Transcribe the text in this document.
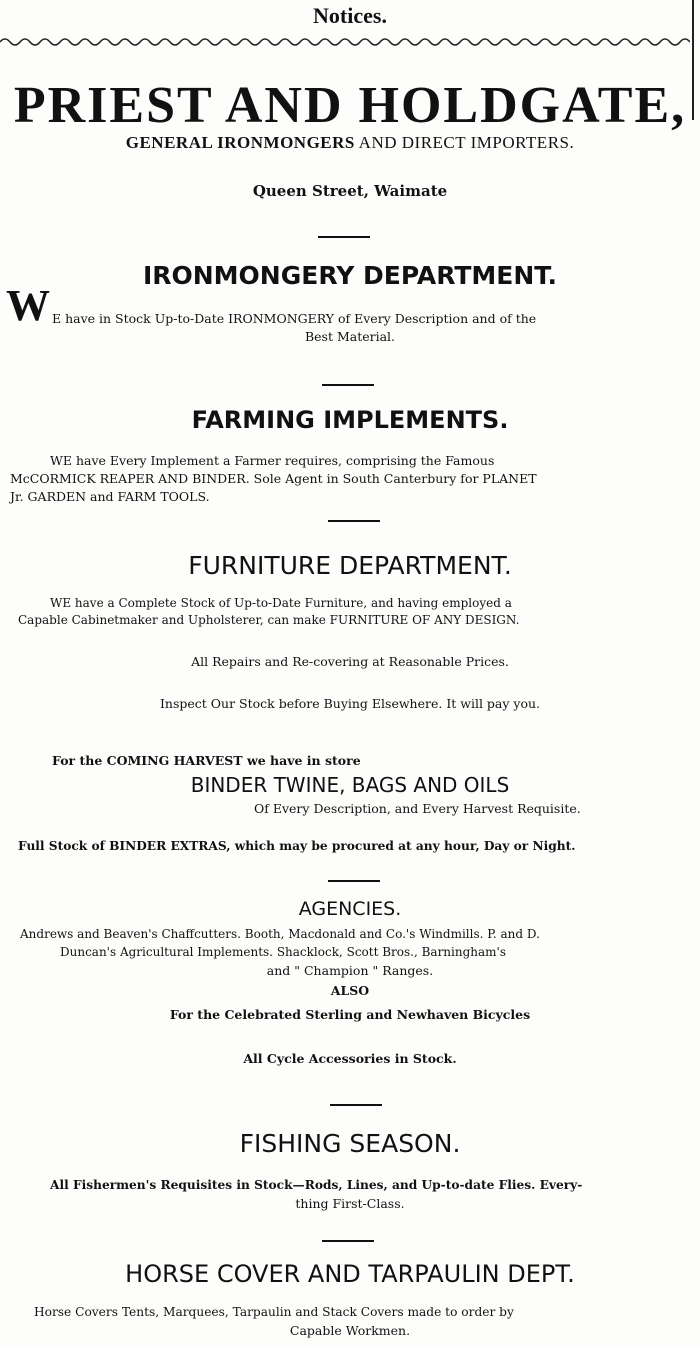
Notices.
PRIEST AND HOLDGATE,
GENERAL IRONMONGERS AND DIRECT IMPORTERS.
Queen Street, Waimate
IRONMONGERY DEPARTMENT.
W E have in Stock Up-to-Date IRONMONGERY of Every Description and of the
Best Material.
FARMING IMPLEMENTS.
WE have Every Implement a Farmer requires, comprising the Famous
McCORMICK REAPER AND BINDER. Sole Agent in South Canterbury for PLANET
Jr. GARDEN and FARM TOOLS.
FURNITURE DEPARTMENT.
WE have a Complete Stock of Up-to-Date Furniture, and having employed a
Capable Cabinetmaker and Upholsterer, can make FURNITURE OF ANY DESIGN.
All Repairs and Re-covering at Reasonable Prices.
Inspect Our Stock before Buying Elsewhere. It will pay you.
For the COMING HARVEST we have in store
BINDER TWINE, BAGS AND OILS
Of Every Description, and Every Harvest Requisite.
Full Stock of BINDER EXTRAS, which may be procured at any hour, Day or Night.
AGENCIES.
Andrews and Beaven's Chaffcutters. Booth, Macdonald and Co.'s Windmills. P. and D.
Duncan's Agricultural Implements. Shacklock, Scott Bros., Barningham's
and " Champion " Ranges.
ALSO
For the Celebrated Sterling and Newhaven Bicycles
All Cycle Accessories in Stock.
FISHING SEASON.
All Fishermen's Requisites in Stock—Rods, Lines, and Up-to-date Flies. Every-
thing First-Class.
HORSE COVER AND TARPAULIN DEPT.
Horse Covers Tents, Marquees, Tarpaulin and Stack Covers made to order by
Capable Workmen.
